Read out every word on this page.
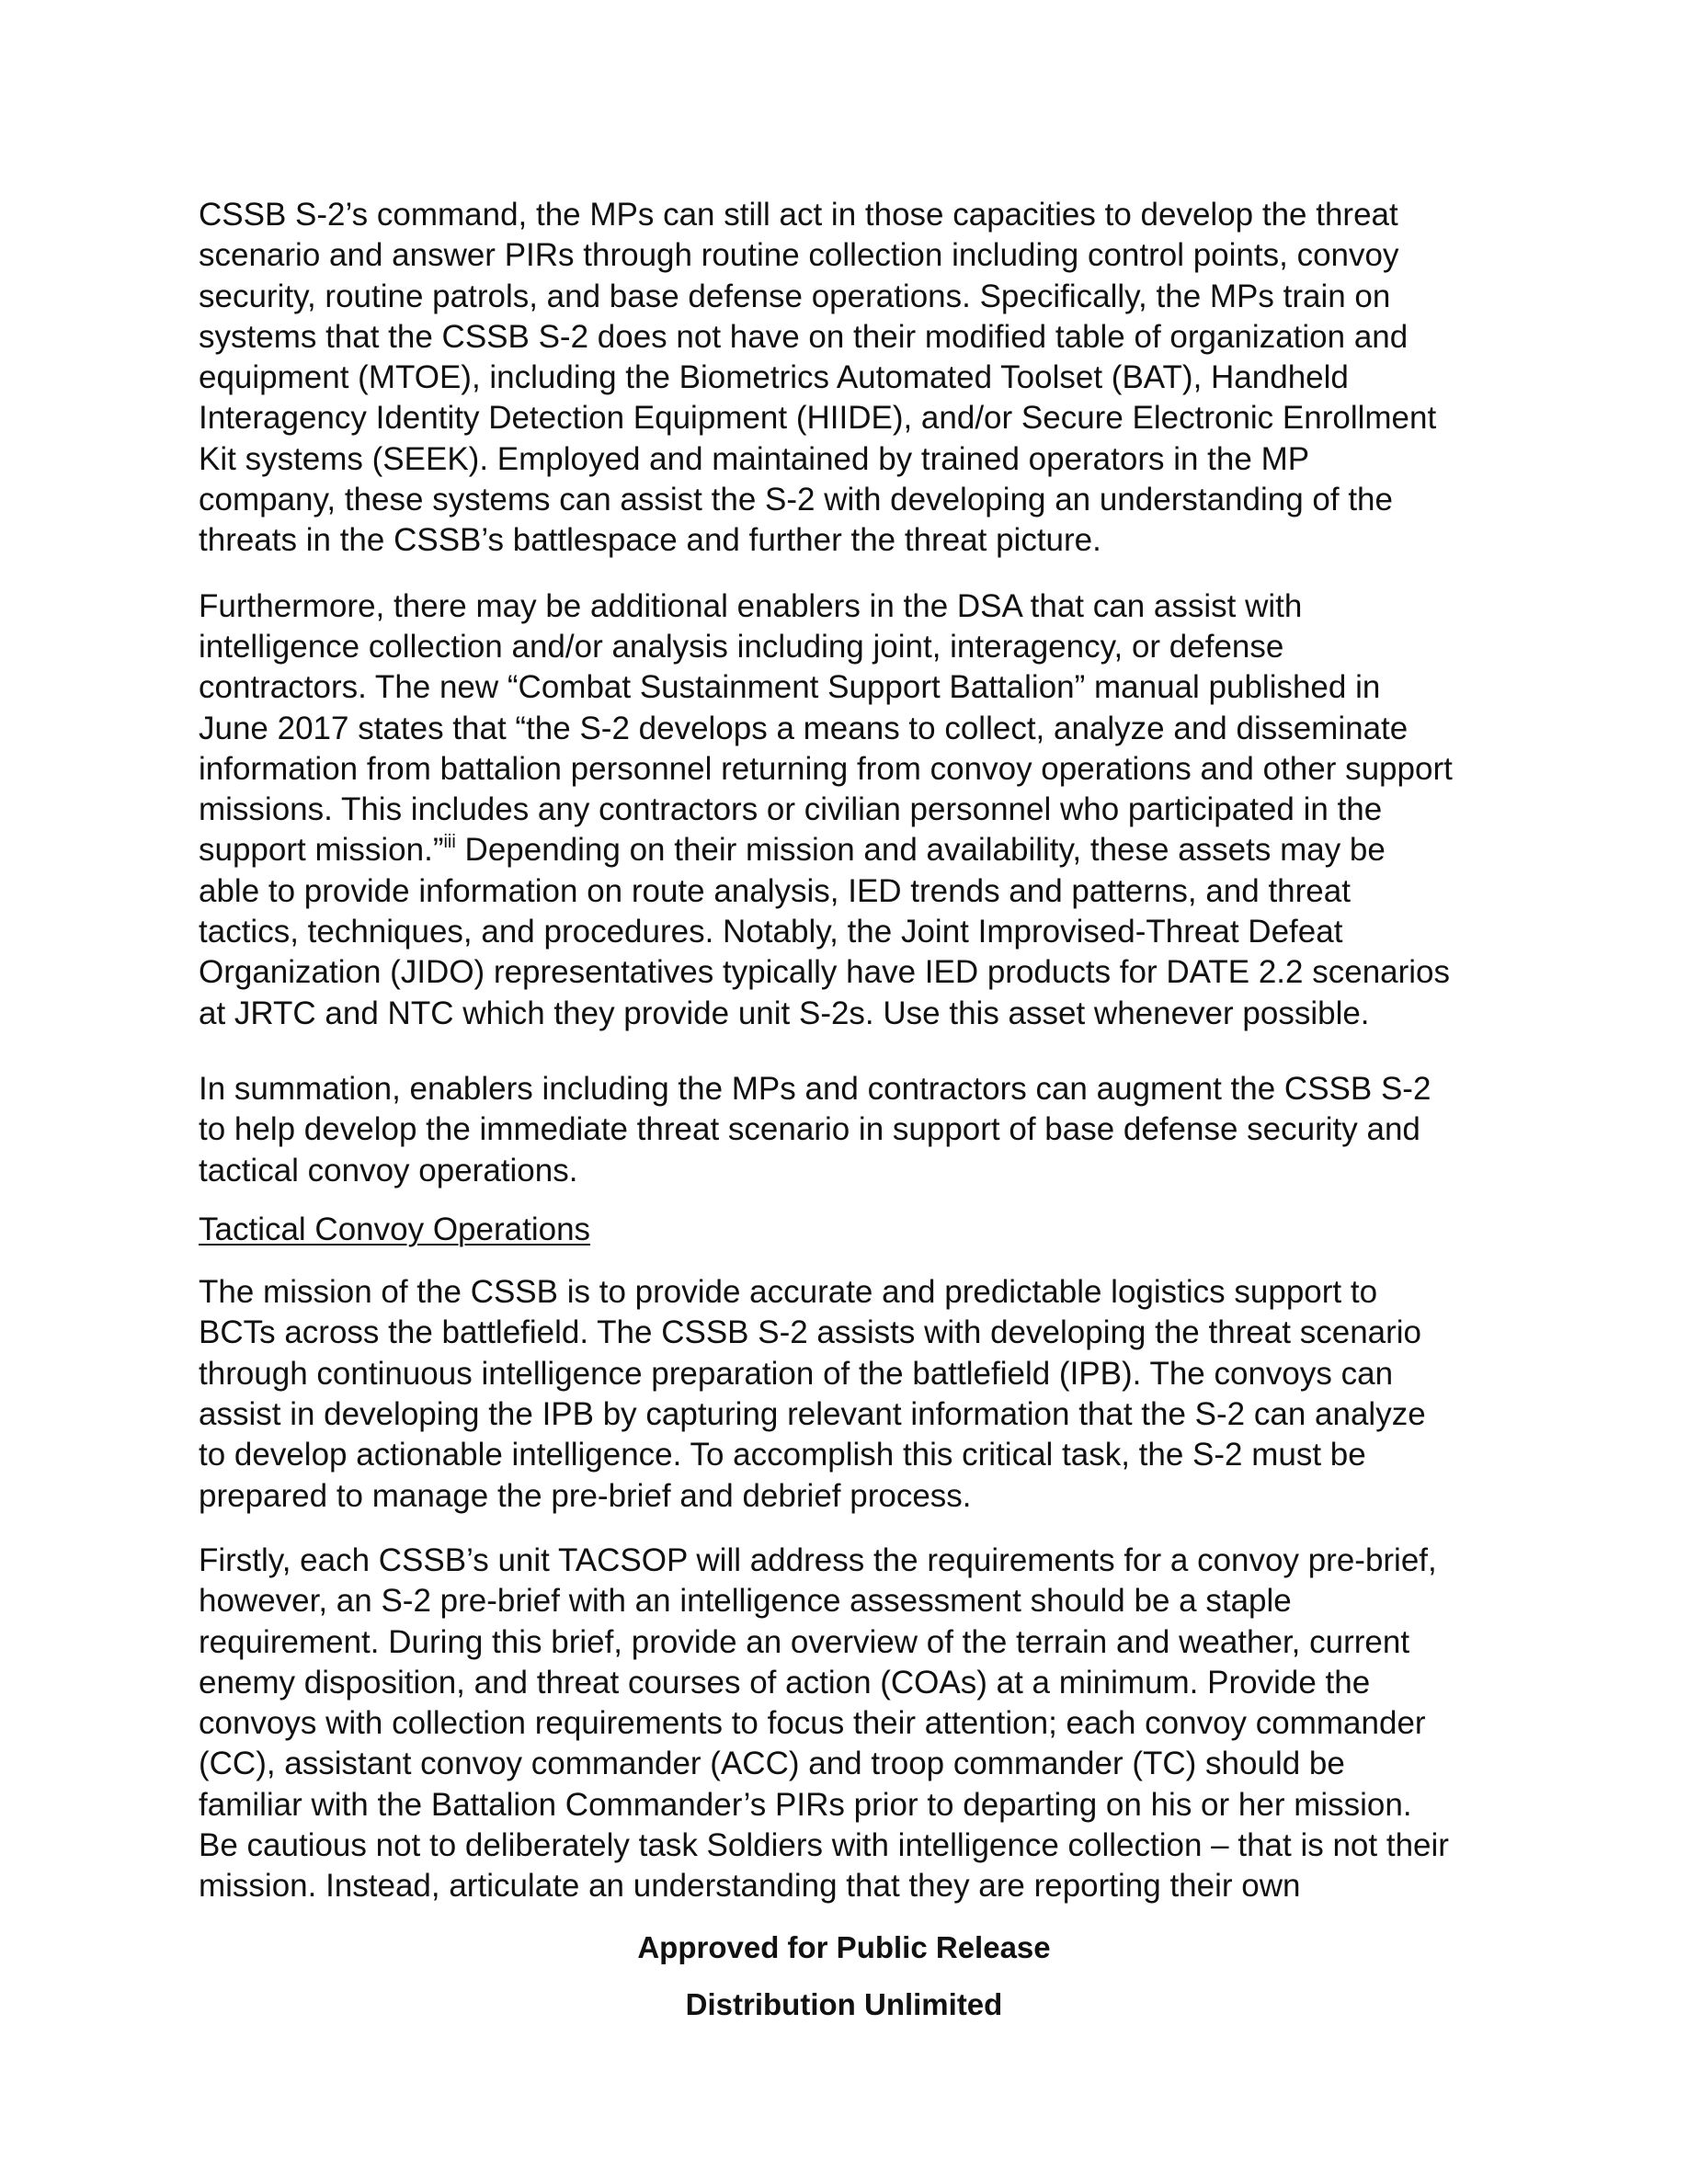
CSSB S-2’s command, the MPs can still act in those capacities to develop the threat
scenario and answer PIRs through routine collection including control points, convoy
security, routine patrols, and base defense operations. Specifically, the MPs train on
systems that the CSSB S-2 does not have on their modified table of organization and
equipment (MTOE), including the Biometrics Automated Toolset (BAT), Handheld
Interagency Identity Detection Equipment (HIIDE), and/or Secure Electronic Enrollment
Kit systems (SEEK). Employed and maintained by trained operators in the MP
company, these systems can assist the S-2 with developing an understanding of the
threats in the CSSB’s battlespace and further the threat picture.

Furthermore, there may be additional enablers in the DSA that can assist with
intelligence collection and/or analysis including joint, interagency, or defense
contractors. The new “Combat Sustainment Support Battalion” manual published in
June 2017 states that “the S-2 develops a means to collect, analyze and disseminate
information from battalion personnel returning from convoy operations and other support
missions. This includes any contractors or civilian personnel who participated in the
support mission.”$^{iii}$ Depending on their mission and availability, these assets may be
able to provide information on route analysis, IED trends and patterns, and threat
tactics, techniques, and procedures. Notably, the Joint Improvised-Threat Defeat
Organization (JIDO) representatives typically have IED products for DATE 2.2 scenarios
at JRTC and NTC which they provide unit S-2s. Use this asset whenever possible.

In summation, enablers including the MPs and contractors can augment the CSSB S-2
to help develop the immediate threat scenario in support of base defense security and
tactical convoy operations.

Tactical Convoy Operations

The mission of the CSSB is to provide accurate and predictable logistics support to
BCTs across the battlefield. The CSSB S-2 assists with developing the threat scenario
through continuous intelligence preparation of the battlefield (IPB). The convoys can
assist in developing the IPB by capturing relevant information that the S-2 can analyze
to develop actionable intelligence. To accomplish this critical task, the S-2 must be
prepared to manage the pre-brief and debrief process.

Firstly, each CSSB’s unit TACSOP will address the requirements for a convoy pre-brief,
however, an S-2 pre-brief with an intelligence assessment should be a staple
requirement. During this brief, provide an overview of the terrain and weather, current
enemy disposition, and threat courses of action (COAs) at a minimum. Provide the
convoys with collection requirements to focus their attention; each convoy commander
(CC), assistant convoy commander (ACC) and troop commander (TC) should be
familiar with the Battalion Commander’s PIRs prior to departing on his or her mission.
Be cautious not to deliberately task Soldiers with intelligence collection – that is not their
mission. Instead, articulate an understanding that they are reporting their own

Approved for Public Release
Distribution Unlimited
